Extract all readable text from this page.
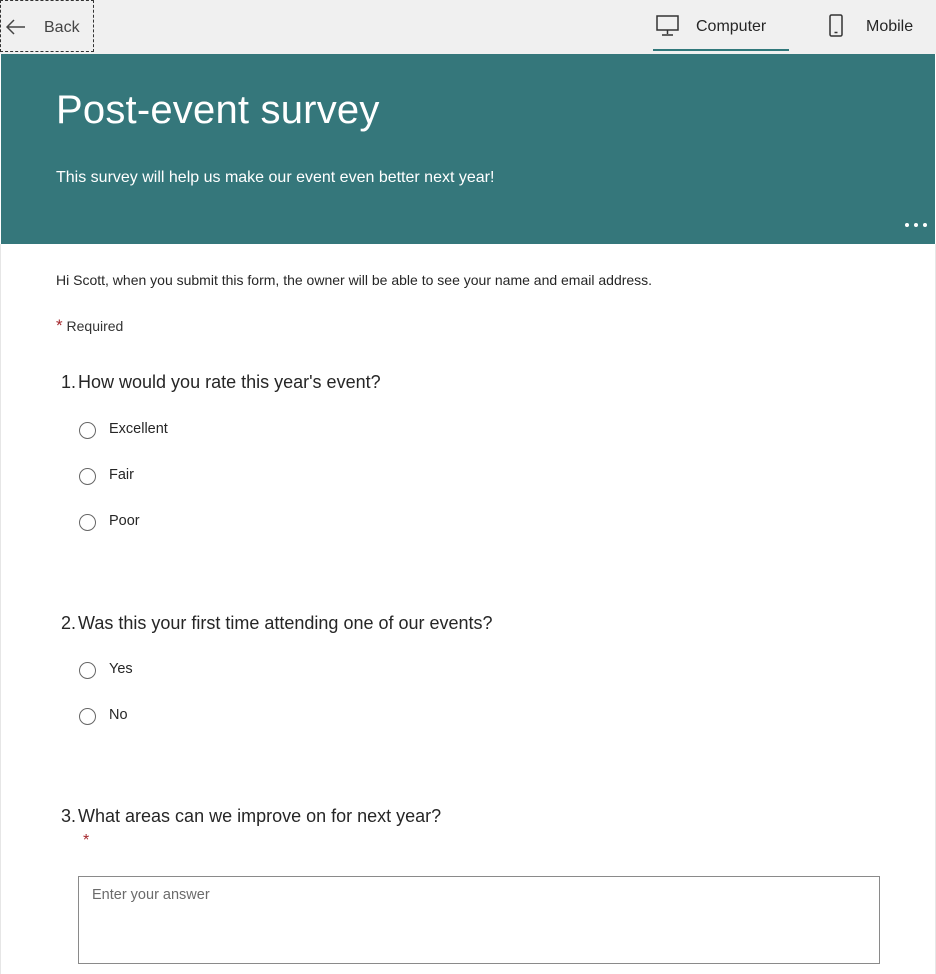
Back	Computer	Mobile
Post-event survey

This survey will help us make our event even better next year!

Hi Scott, when you submit this form, the owner will be able to see your name and email address.
* Required
1. How would you rate this year's event?
Excellent
Fair
Poor
2. Was this your first time attending one of our events?
Yes
No
3. What areas can we improve on for next year?
*
Enter your answer
